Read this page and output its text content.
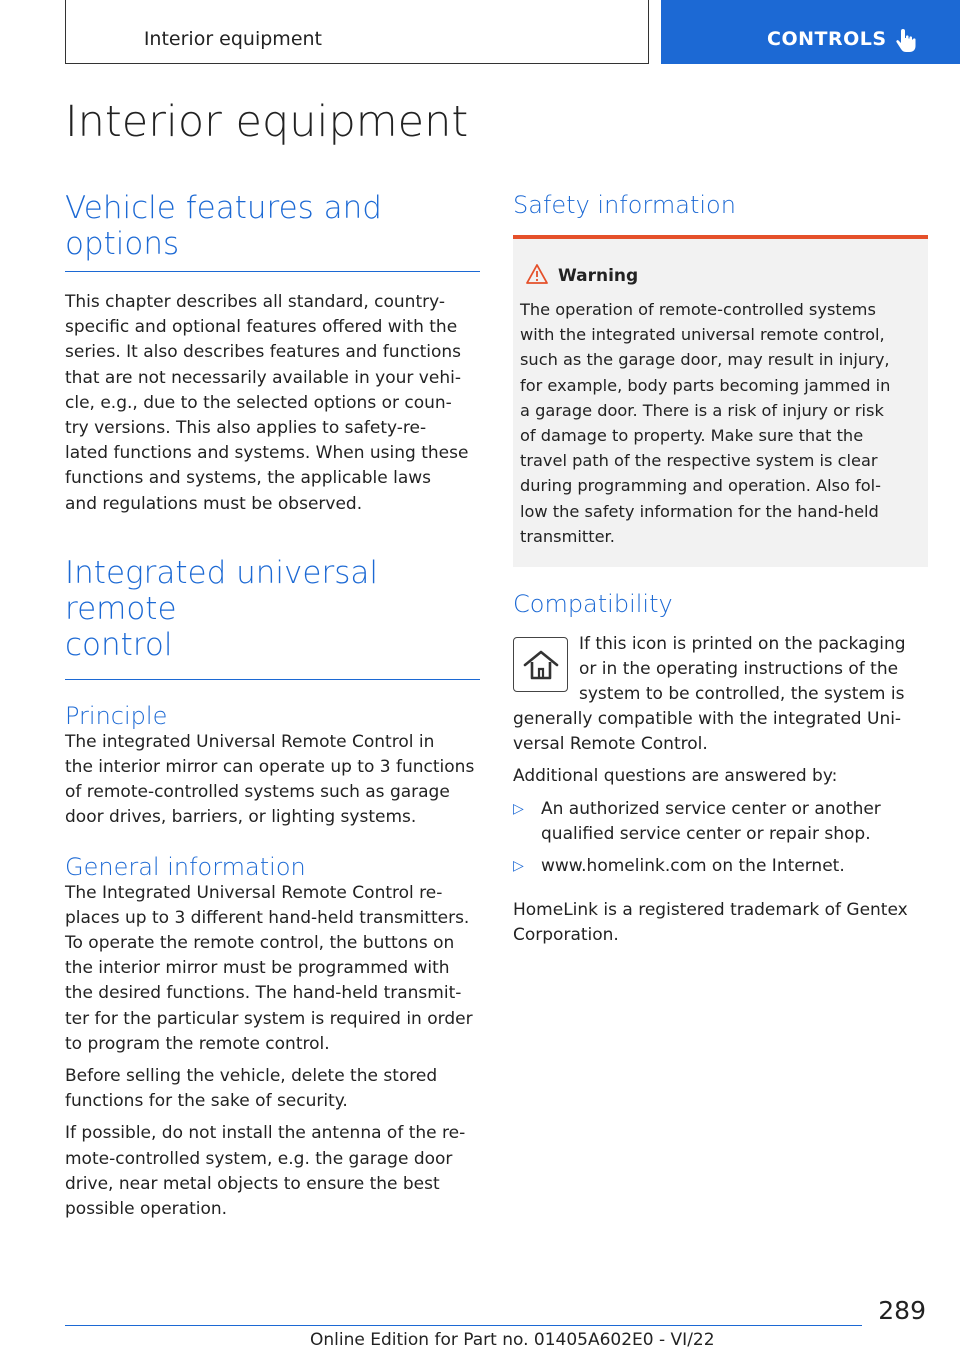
Interior equipment	CONTROLS
Interior equipment
Vehicle features and options
This chapter describes all standard, country-
specific and optional features offered with the
series. It also describes features and functions
that are not necessarily available in your vehi-
cle, e.g., due to the selected options or coun-
try versions. This also applies to safety-re-
lated functions and systems. When using these
functions and systems, the applicable laws
and regulations must be observed.
Integrated universal remote
control
Principle
The integrated Universal Remote Control in
the interior mirror can operate up to 3 functions
of remote-controlled systems such as garage
door drives, barriers, or lighting systems.
General information
The Integrated Universal Remote Control re-
places up to 3 different hand-held transmitters.
To operate the remote control, the buttons on
the interior mirror must be programmed with
the desired functions. The hand-held transmit-
ter for the particular system is required in order
to program the remote control.
Before selling the vehicle, delete the stored
functions for the sake of security.
If possible, do not install the antenna of the re-
mote-controlled system, e.g. the garage door
drive, near metal objects to ensure the best
possible operation.
Safety information
Warning
The operation of remote-controlled systems
with the integrated universal remote control,
such as the garage door, may result in injury,
for example, body parts becoming jammed in
a garage door. There is a risk of injury or risk
of damage to property. Make sure that the
travel path of the respective system is clear
during programming and operation. Also fol-
low the safety information for the hand-held
transmitter.
Compatibility
If this icon is printed on the packaging
or in the operating instructions of the
system to be controlled, the system is
generally compatible with the integrated Uni-
versal Remote Control.
Additional questions are answered by:
▷ An authorized service center or another
qualified service center or repair shop.
▷ www.homelink.com on the Internet.
HomeLink is a registered trademark of Gentex
Corporation.
289
Online Edition for Part no. 01405A602E0 - VI/22
